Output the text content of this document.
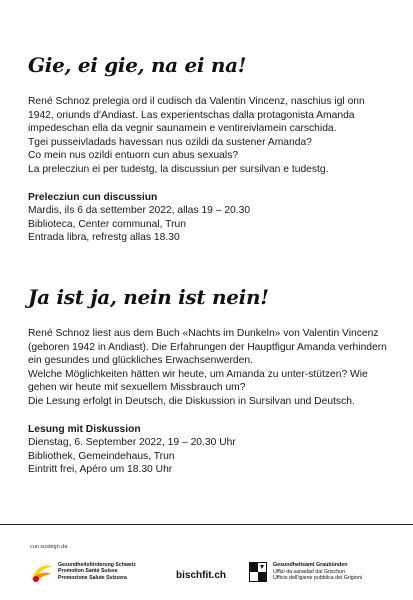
Gie, ei gie, na ei na!

René Schnoz prelegia ord il cudisch da Valentin Vincenz, naschius igl onn 1942, oriunds d'Andiast. Las experientschas dalla protagonista Amanda impedeschan ella da vegnir saunamein e ventireivlamein carschida.

Tgei pusseivladads havessan nus ozildi da sustener Amanda?

Co mein nus ozildi entuorn cun abus sexuals?

La prelecziun ei per tudestg, la discussiun per sursilvan e tudestg.

Prelecziun cun discussiun
Mardis, ils 6 da settember 2022, allas 19 – 20.30
Biblioteca, Center communal, Trun
Entrada libra, refrestg allas 18.30
Ja ist ja, nein ist nein!

René Schnoz liest aus dem Buch «Nachts im Dunkeln» von Valentin Vincenz (geboren 1942 in Andiast). Die Erfahrungen der Hauptfigur Amanda verhindern ein gesundes und glückliches Erwachsenwerden.

Welche Möglichkeiten hätten wir heute, um Amanda zu unter-stützen? Wie gehen wir heute mit sexuellem Missbrauch um?

Die Lesung erfolgt in Deutsch, die Diskussion in Sursilvan und Deutsch.

Lesung mit Diskussion
Dienstag, 6. September 2022, 19 – 20.30 Uhr
Bibliothek, Gemeindehaus, Trun
Eintritt frei, Apéro um 18.30 Uhr
cun sustegn da
Gesundheitsförderung Schweiz
Promotion Santé Suisse
Promozione Salute Svizzera	bischfit.ch
Gesundheitsamt Graubünden
Uffizi da sanadad dal Grischun
Ufficio dell'igiene pubblica dei Grigioni
